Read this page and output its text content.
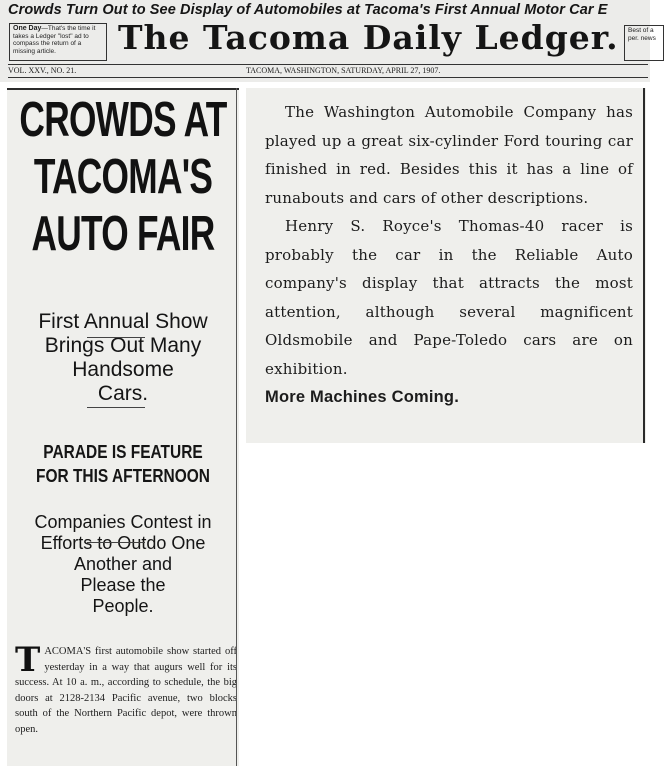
Crowds Turn Out to See Display of Automobiles at Tacoma's First Annual Motor Car E
One Day—That's the time it takes a Ledger "lost" ad to compass the return of a missing article.	The Tacoma Daily Ledger.	Best of a per. news
VOL. XXV., NO. 21.	TACOMA, WASHINGTON, SATURDAY, APRIL 27, 1907.
CROWDS AT
TACOMA'S
AUTO FAIR
First Annual Show
Brings Out Many
Handsome
Cars.
PARADE IS FEATURE
FOR THIS AFTERNOON
Companies Contest in
Efforts to Outdo One
Another and
Please the
People.
TACOMA'S first automobile show started off yesterday in a way that augurs well for its success. At 10 a. m., according to schedule, the big doors at 2128-2134 Pacific avenue, two blocks south of the Northern Pacific depot, were thrown open.

The Washington Automobile Company has played up a great six-cylinder Ford touring car finished in red. Besides this it has a line of runabouts and cars of other descriptions.

Henry S. Royce's Thomas-40 racer is probably the car in the Reliable Auto company's display that attracts the most attention, although several magnificent Oldsmobile and Pape-Toledo cars are on exhibition.

More Machines Coming.
